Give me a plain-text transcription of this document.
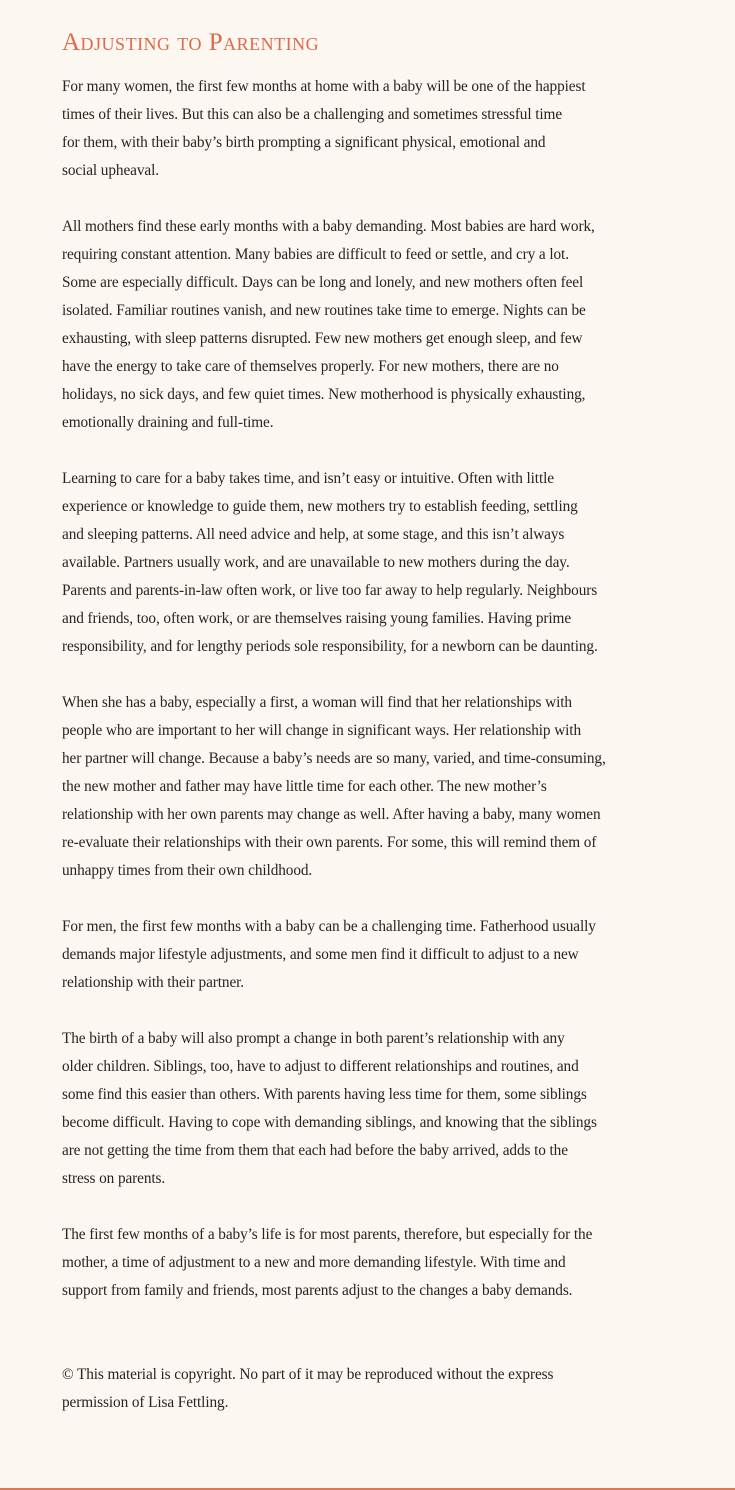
Adjusting to Parenting

For many women, the first few months at home with a baby will be one of the happiest
times of their lives. But this can also be a challenging and sometimes stressful time
for them, with their baby’s birth prompting a significant physical, emotional and
social upheaval.

All mothers find these early months with a baby demanding. Most babies are hard work,
requiring constant attention. Many babies are difficult to feed or settle, and cry a lot.
Some are especially difficult. Days can be long and lonely, and new mothers often feel
isolated. Familiar routines vanish, and new routines take time to emerge. Nights can be
exhausting, with sleep patterns disrupted. Few new mothers get enough sleep, and few
have the energy to take care of themselves properly. For new mothers, there are no
holidays, no sick days, and few quiet times. New motherhood is physically exhausting,
emotionally draining and full-time.

Learning to care for a baby takes time, and isn’t easy or intuitive. Often with little
experience or knowledge to guide them, new mothers try to establish feeding, settling
and sleeping patterns. All need advice and help, at some stage, and this isn’t always
available. Partners usually work, and are unavailable to new mothers during the day.
Parents and parents-in-law often work, or live too far away to help regularly. Neighbours
and friends, too, often work, or are themselves raising young families. Having prime
responsibility, and for lengthy periods sole responsibility, for a newborn can be daunting.

When she has a baby, especially a first, a woman will find that her relationships with
people who are important to her will change in significant ways. Her relationship with
her partner will change. Because a baby’s needs are so many, varied, and time-consuming,
the new mother and father may have little time for each other. The new mother’s
relationship with her own parents may change as well. After having a baby, many women
re-evaluate their relationships with their own parents. For some, this will remind them of
unhappy times from their own childhood.

For men, the first few months with a baby can be a challenging time. Fatherhood usually
demands major lifestyle adjustments, and some men find it difficult to adjust to a new
relationship with their partner.

The birth of a baby will also prompt a change in both parent’s relationship with any
older children. Siblings, too, have to adjust to different relationships and routines, and
some find this easier than others. With parents having less time for them, some siblings
become difficult. Having to cope with demanding siblings, and knowing that the siblings
are not getting the time from them that each had before the baby arrived, adds to the
stress on parents.

The first few months of a baby’s life is for most parents, therefore, but especially for the
mother, a time of adjustment to a new and more demanding lifestyle. With time and
support from family and friends, most parents adjust to the changes a baby demands.

© This material is copyright. No part of it may be reproduced without the express
permission of Lisa Fettling.
